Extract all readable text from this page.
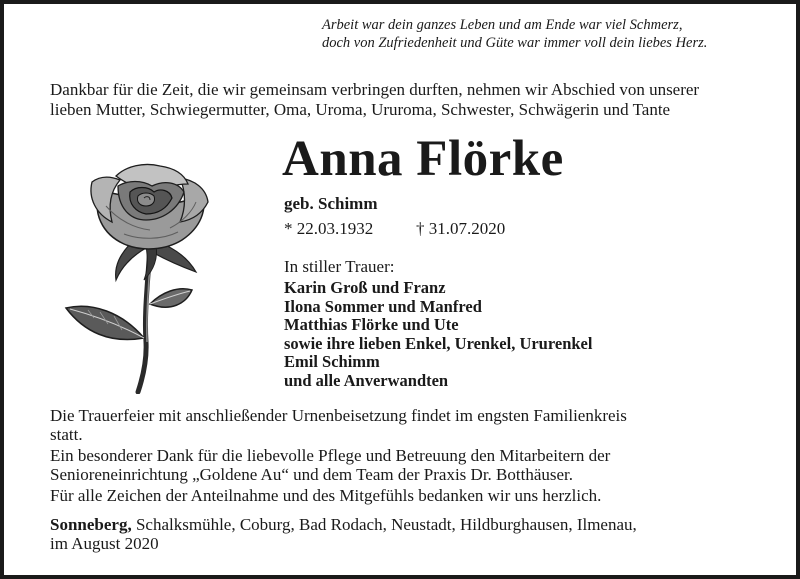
Arbeit war dein ganzes Leben und am Ende war viel Schmerz,
doch von Zufriedenheit und Güte war immer voll dein liebes Herz.
Dankbar für die Zeit, die wir gemeinsam verbringen durften, nehmen wir Abschied von unserer
lieben Mutter, Schwiegermutter, Oma, Uroma, Ururoma, Schwester, Schwägerin und Tante
Anna Flörke
geb. Schimm
* 22.03.1932	† 31.07.2020
In stiller Trauer:
Karin Groß und Franz
Ilona Sommer und Manfred
Matthias Flörke und Ute
sowie ihre lieben Enkel, Urenkel, Ururenkel
Emil Schimm
und alle Anverwandten
Die Trauerfeier mit anschließender Urnenbeisetzung findet im engsten Familienkreis
statt.
Ein besonderer Dank für die liebevolle Pflege und Betreuung den Mitarbeitern der
Senioreneinrichtung „Goldene Au“ und dem Team der Praxis Dr. Botthäuser.
Für alle Zeichen der Anteilnahme und des Mitgefühls bedanken wir uns herzlich.
Sonneberg, Schalksmühle, Coburg, Bad Rodach, Neustadt, Hildburghausen, Ilmenau,
im August 2020
